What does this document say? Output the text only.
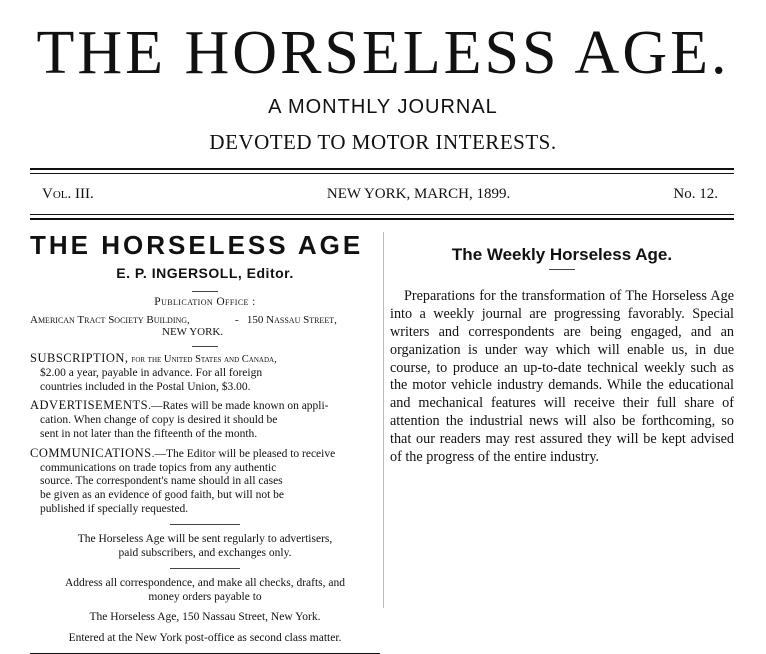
THE HORSELESS AGE.
A MONTHLY JOURNAL
DEVOTED TO MOTOR INTERESTS.
Vol. III.	NEW YORK, MARCH, 1899.	No. 12.
THE HORSELESS AGE
E. P. INGERSOLL, Editor.
Publication Office :
American Tract Society Building,	- 150 Nassau Street,
NEW YORK.
SUBSCRIPTION, for the United States and Canada,
$2.00 a year, payable in advance. For all foreign
countries included in the Postal Union, $3.00.
ADVERTISEMENTS.—Rates will be made known on appli-
cation. When change of copy is desired it should be
sent in not later than the fifteenth of the month.
COMMUNICATIONS.—The Editor will be pleased to receive
communications on trade topics from any authentic
source. The correspondent's name should in all cases
be given as an evidence of good faith, but will not be
published if specially requested.
The Horseless Age will be sent regularly to advertisers,
paid subscribers, and exchanges only.
Address all correspondence, and make all checks, drafts, and
money orders payable to
The Horseless Age, 150 Nassau Street, New York.
Entered at the New York post-office as second class matter.
The Weekly Horseless Age.

Preparations for the transformation of The Horseless Age into a weekly journal are progressing favorably. Special writers and correspondents are being engaged, and an organization is under way which will enable us, in due course, to produce an up-to-date technical weekly such as the motor vehicle industry demands. While the educational and mechanical features will receive their full share of attention the industrial news will also be forthcoming, so that our readers may rest assured they will be kept advised of the progress of the entire industry.
